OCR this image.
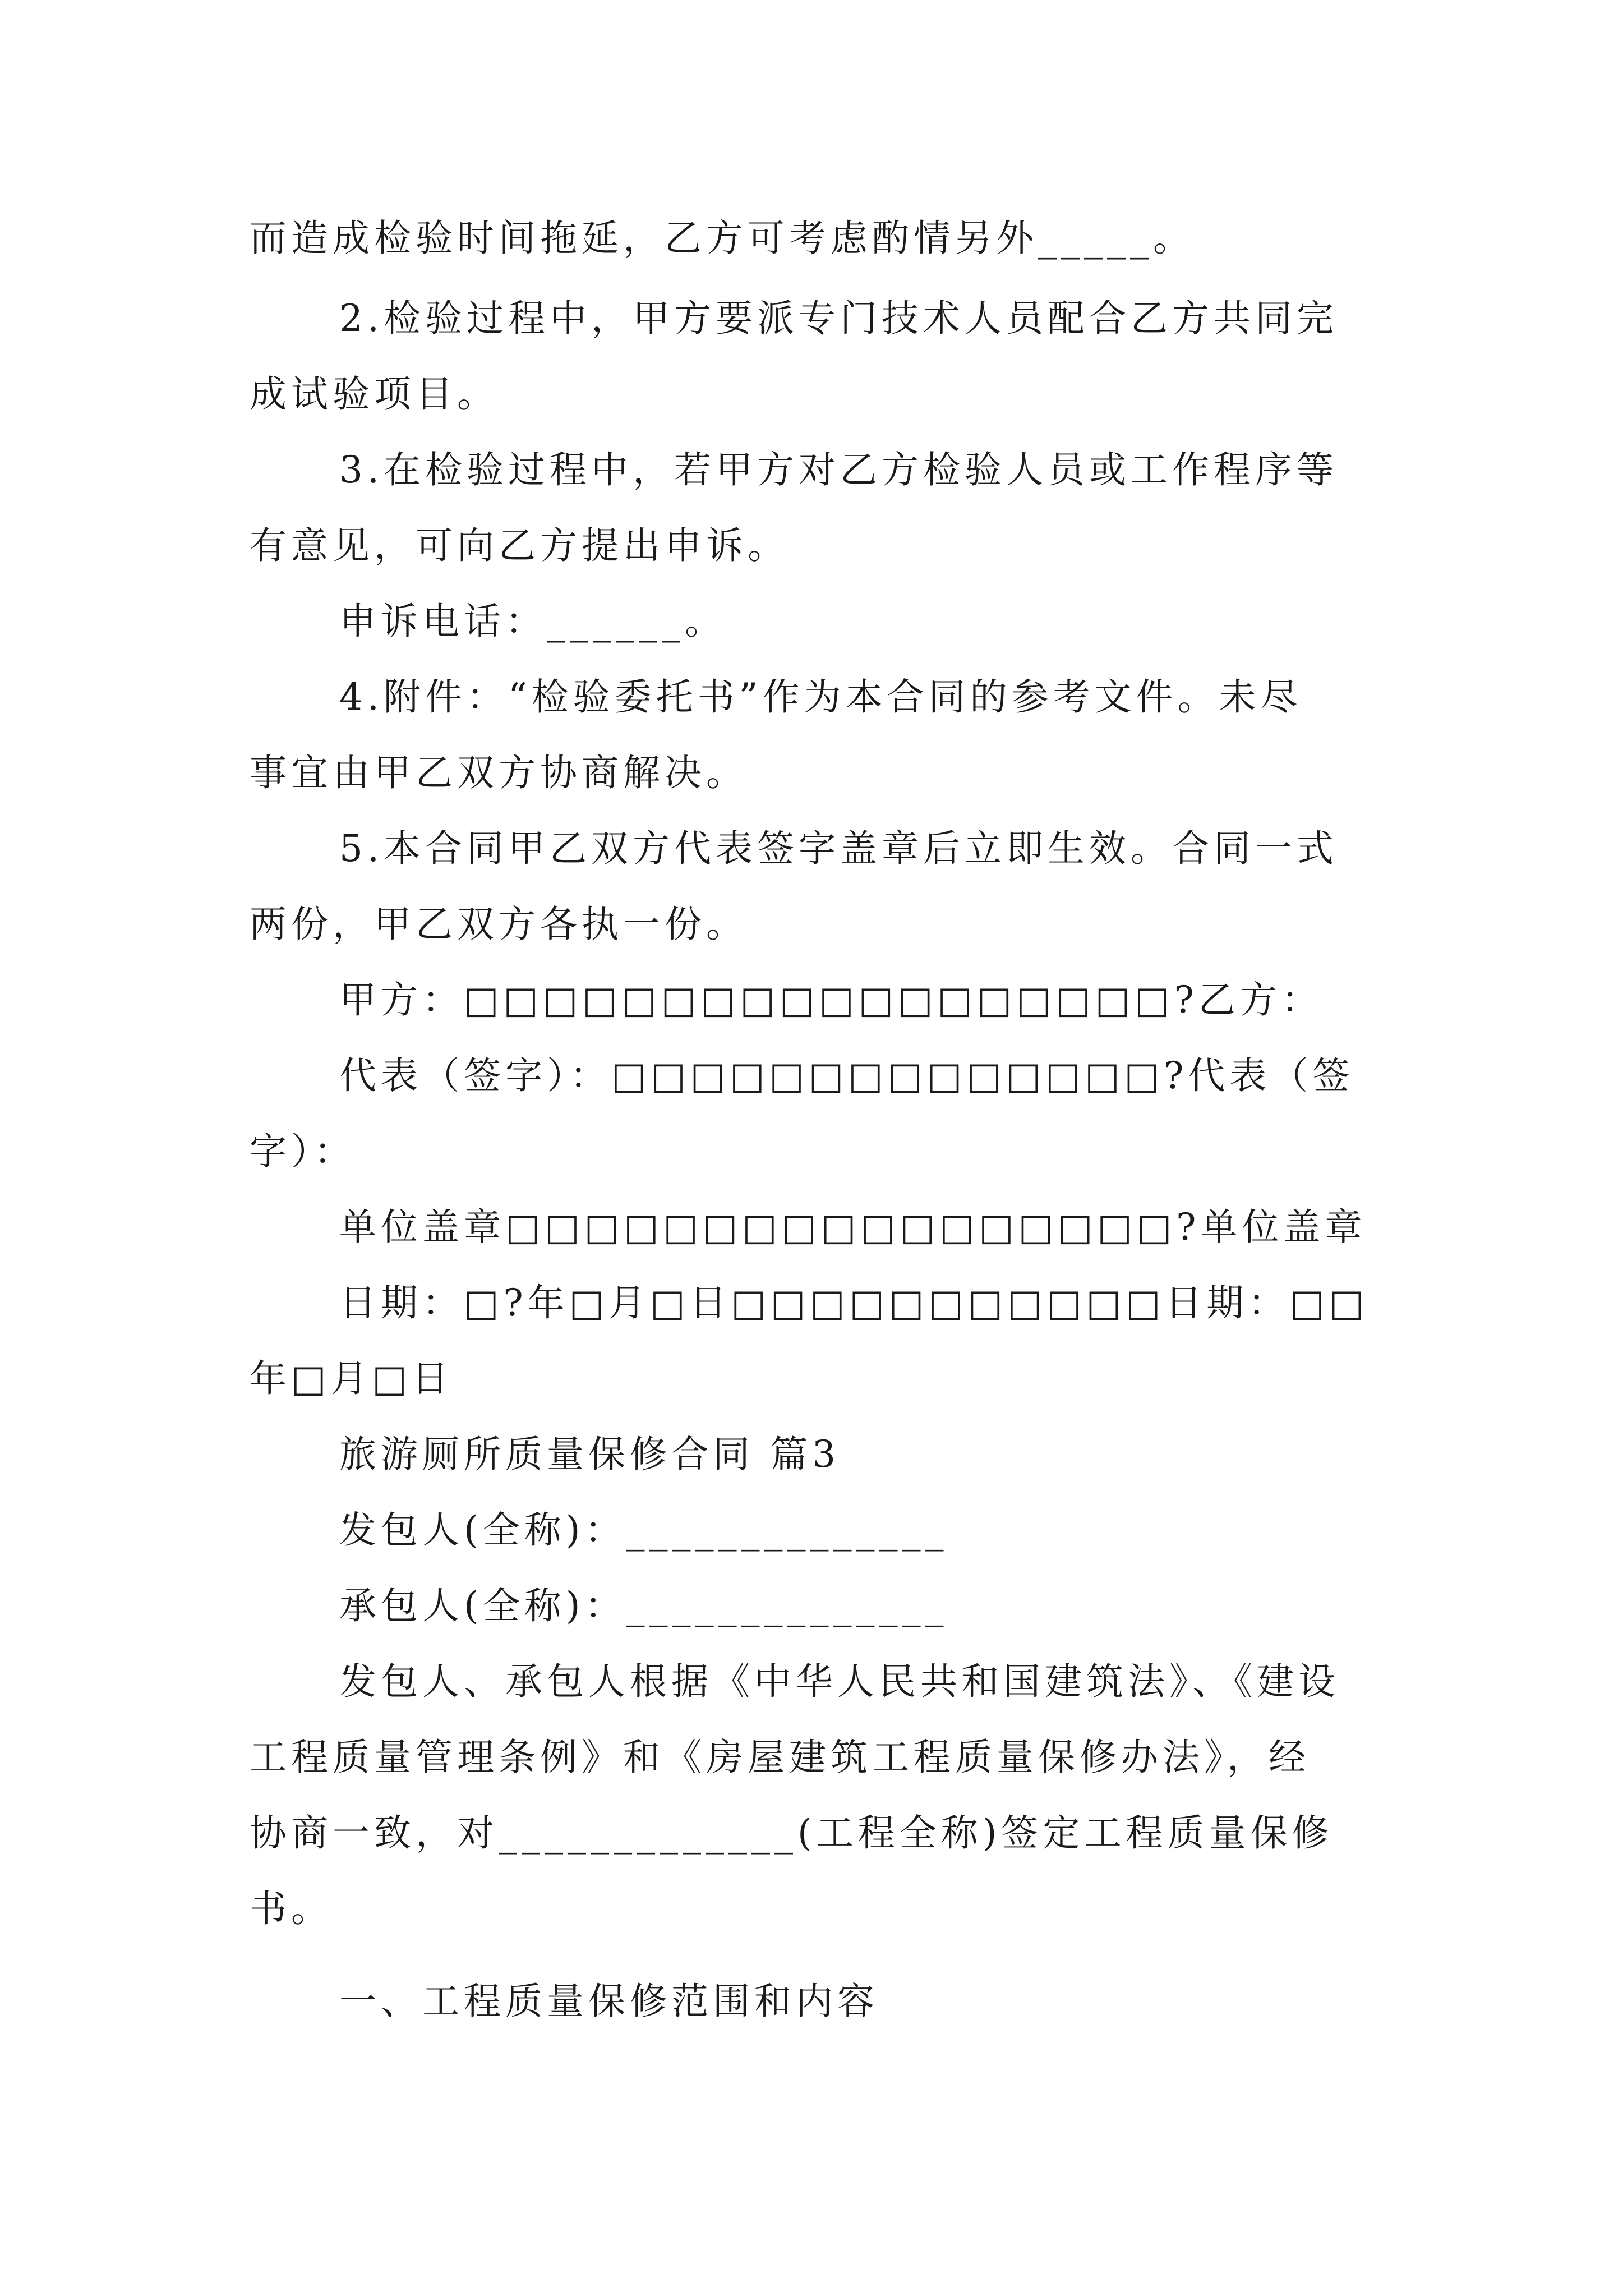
而造成检验时间拖延，乙方可考虑酌情另外_____。
2.检验过程中，甲方要派专门技术人员配合乙方共同完
成试验项目。
3.在检验过程中，若甲方对乙方检验人员或工作程序等
有意见，可向乙方提出申诉。
申诉电话：______。
4.附件：“检验委托书”作为本合同的参考文件。未尽
事宜由甲乙双方协商解决。
5.本合同甲乙双方代表签字盖章后立即生效。合同一式
两份，甲乙双方各执一份。
甲方：□□□□□□□□□□□□□□□□□□?乙方：
代表（签字）：□□□□□□□□□□□□□□?代表（签
字）：
单位盖章□□□□□□□□□□□□□□□□□?单位盖章
日期：□?年□月□日□□□□□□□□□□□日期：□□
年□月□日
旅游厕所质量保修合同 篇3
发包人(全称)：______________
承包人(全称)：______________
发包人、承包人根据《中华人民共和国建筑法》、《建设
工程质量管理条例》和《房屋建筑工程质量保修办法》，经
协商一致，对_____________(工程全称)签定工程质量保修
书。
一、工程质量保修范围和内容
